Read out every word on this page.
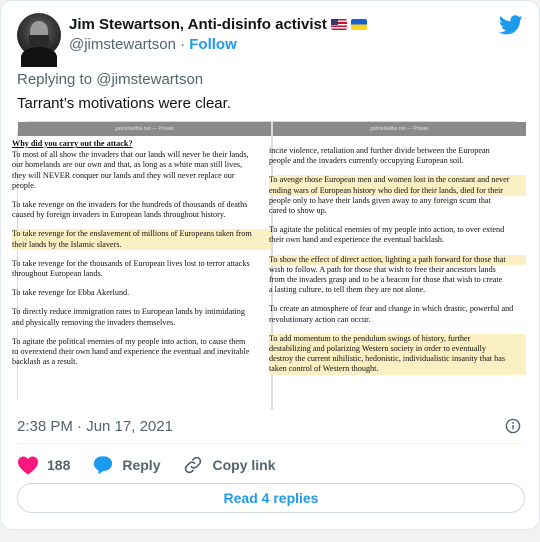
Jim Stewartson, Anti-disinfo activist
@jimstewartson · Follow
Replying to @jimstewartson
Tarrant’s motivations were clear.
gabrielwillbe.net — Private

Why did you carry out the attack?

To most of all show the invaders that our lands will never be their lands,

our homelands are our own and that, as long as a white man still lives,

they will NEVER conquer our lands and they will never replace our

people.

To take revenge on the invaders for the hundreds of thousands of deaths

caused by foreign invaders in European lands throughout history.

To take revenge for the enslavement of millions of Europeans taken from

their lands by the Islamic slavers.

To take revenge for the thousands of European lives lost to terror attacks

throughout European lands.

To take revenge for Ebba Akerlund.

To directly reduce immigration rates to European lands by intimidating

and physically removing the invaders themselves.

To agitate the political enemies of my people into action, to cause them

to overextend their own hand and experience the eventual and inevitable

backlash as a result.

gabrielwillbe.net — Private

incite violence, retaliation and further divide between the European

people and the invaders currently occupying European soil.

To avenge those European men and women lost in the constant and never

ending wars of European history who died for their lands, died for their

people only to have their lands given away to any foreign scum that

cared to show up.

To agitate the political enemies of my people into action, to over extend

their own hand and experience the eventual backlash.

To show the effect of direct action, lighting a path forward for those that

wish to follow. A path for those that wish to free their ancestors lands

from the invaders grasp and to be a beacon for those that wish to create

a lasting culture, to tell them they are not alone.

To create an atmosphere of fear and change in which drastic, powerful and

revolutionary action can occur.

To add momentum to the pendulum swings of history, further

destabilizing and polarizing Western society in order to eventually

destroy the current nihilistic, hedonistic, individualistic insanity that has

taken control of Western thought.

2:38 PM · Jun 17, 2021
188	Reply	Copy link
Read 4 replies
